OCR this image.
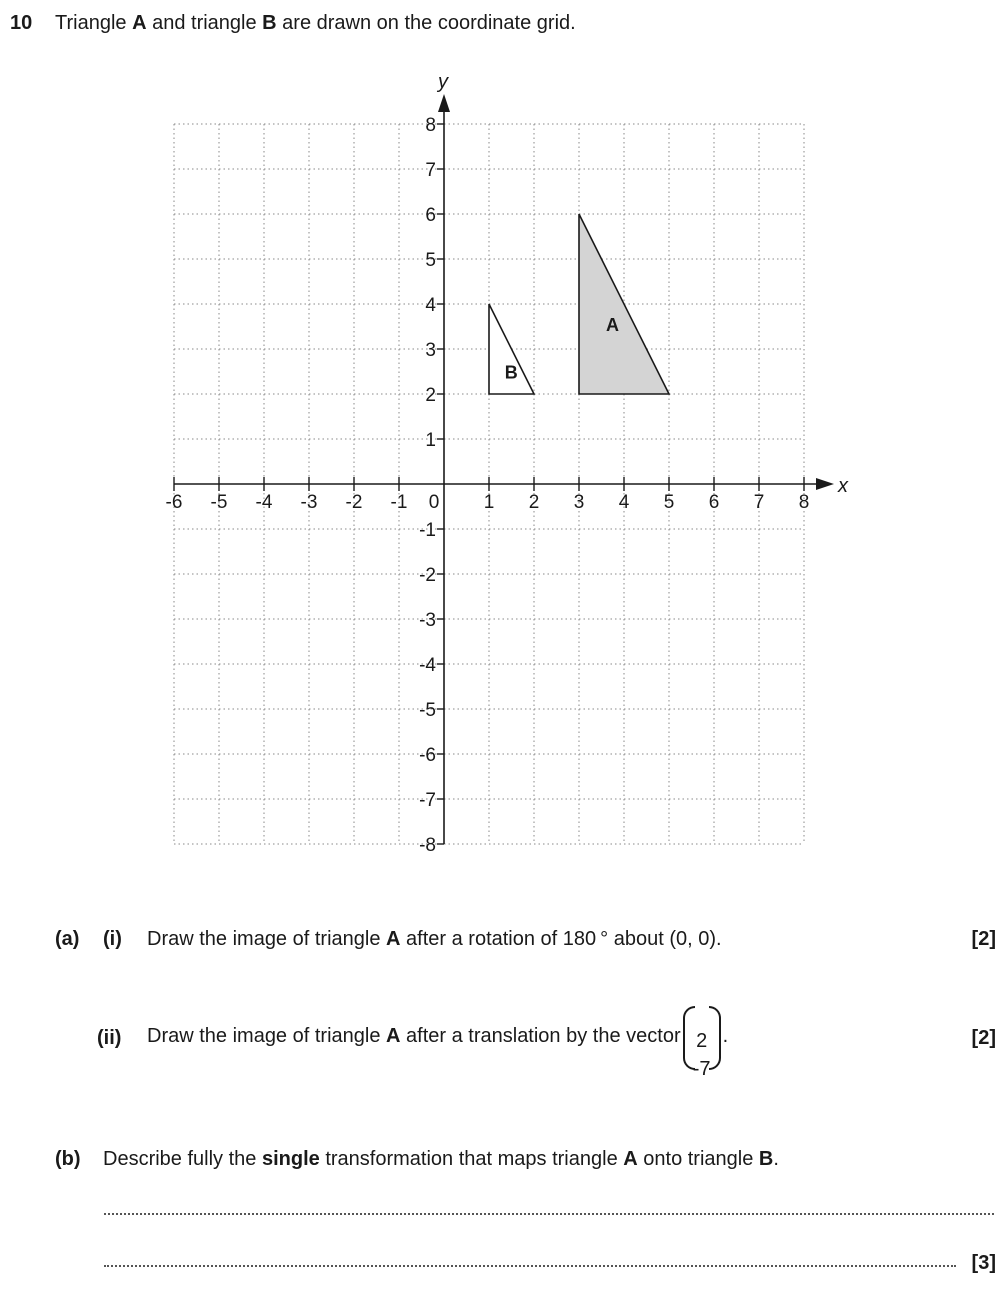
10 Triangle A and triangle B are drawn on the coordinate grid.
x
y
-6 -5 -4 -3 -2 -1	1 2 3 4 5 6 7 8
8
7
6
5
4
3
2
1
-1
-2
-3
-4
-5
-6
-7
-8
0
A
B
(a) (i) Draw the image of triangle A after a rotation of 180 ° about (0, 0).	[2]
(ii) Draw the image of triangle A after a translation by the vector 2
-7
.	[2]
(b) Describe fully the single transformation that maps triangle A onto triangle B.
[3]
